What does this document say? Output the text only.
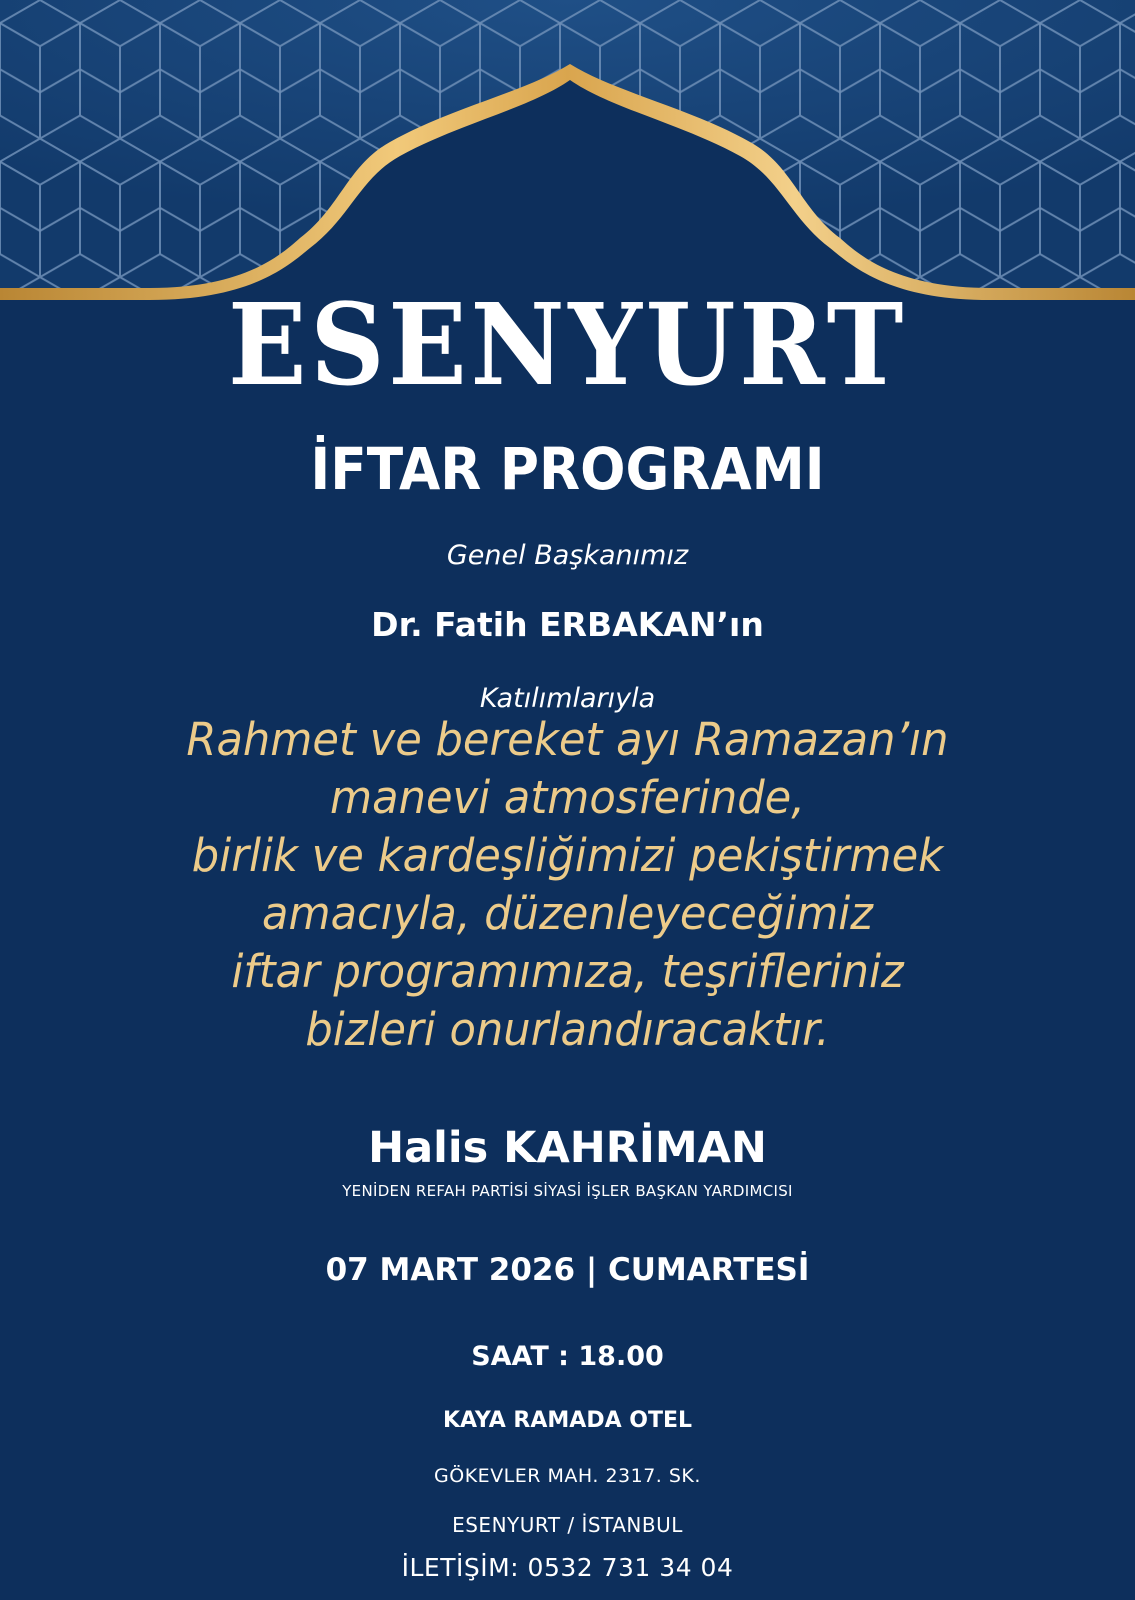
ESENYURT
İFTAR PROGRAMI

Genel Başkanımız

Dr. Fatih ERBAKAN’ın

Katılımlarıyla

Rahmet ve bereket ayı Ramazan’ın

manevi atmosferinde,

birlik ve kardeşliğimizi pekiştirmek

amacıyla, düzenleyeceğimiz

iftar programımıza, teşrifleriniz

bizleri onurlandıracaktır.

Halis KAHRİMAN

YENİDEN REFAH PARTİSİ SİYASİ İŞLER BAŞKAN YARDIMCISI

07 MART 2026 | CUMARTESİ

SAAT : 18.00

KAYA RAMADA OTEL

GÖKEVLER MAH. 2317. SK.

ESENYURT / İSTANBUL

İLETİŞİM: 0532 731 34 04
